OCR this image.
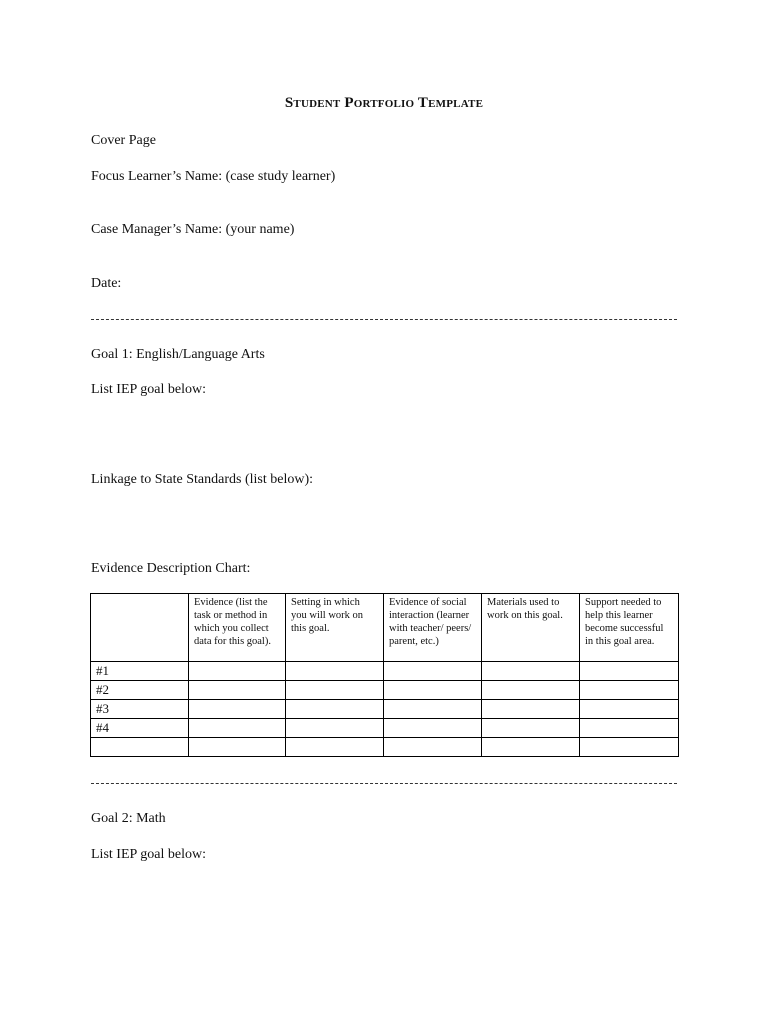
Student Portfolio Template
Cover Page
Focus Learner’s Name: (case study learner)
Case Manager’s Name: (your name)
Date:
Goal 1: English/Language Arts
List IEP goal below:
Linkage to State Standards (list below):
Evidence Description Chart:
	Evidence (list the task or method in which you collect data for this goal).	Setting in which you will work on this goal.	Evidence of social interaction (learner with teacher/ peers/ parent, etc.)	Materials used to work on this goal.	Support needed to help this learner become successful in this goal area.
#1					
#2					
#3					
#4					

Goal 2: Math
List IEP goal below:
